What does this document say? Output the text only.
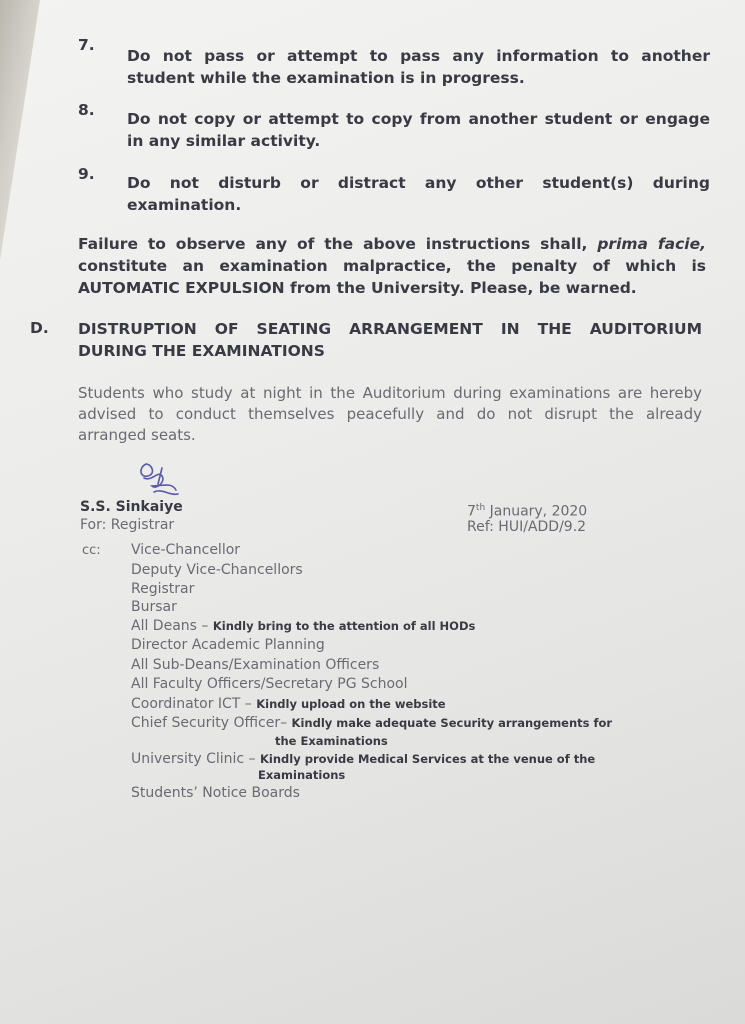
7.
Do not pass or attempt to pass any information to another
student while the examination is in progress.
8. Do not copy or attempt to copy from another student or engage
in any similar activity.
9. Do not disturb or distract any other student(s) during
examination.
Failure to observe any of the above instructions shall, prima facie,
constitute an examination malpractice, the penalty of which is
AUTOMATIC EXPULSION from the University. Please, be warned.
D. DISTRUPTION OF SEATING ARRANGEMENT IN THE AUDITORIUM
DURING THE EXAMINATIONS
Students who study at night in the Auditorium during examinations are hereby
advised to conduct themselves peacefully and do not disrupt the already
arranged seats.
S.S. Sinkaiye
For: Registrar
7th January, 2020
Ref: HUI/ADD/9.2
cc: Vice-Chancellor
Deputy Vice-Chancellors
Registrar
Bursar
All Deans – Kindly bring to the attention of all HODs
Director Academic Planning
All Sub-Deans/Examination Officers
All Faculty Officers/Secretary PG School
Coordinator ICT – Kindly upload on the website
Chief Security Officer– Kindly make adequate Security arrangements for
the Examinations
University Clinic – Kindly provide Medical Services at the venue of the
Examinations
Students’ Notice Boards
